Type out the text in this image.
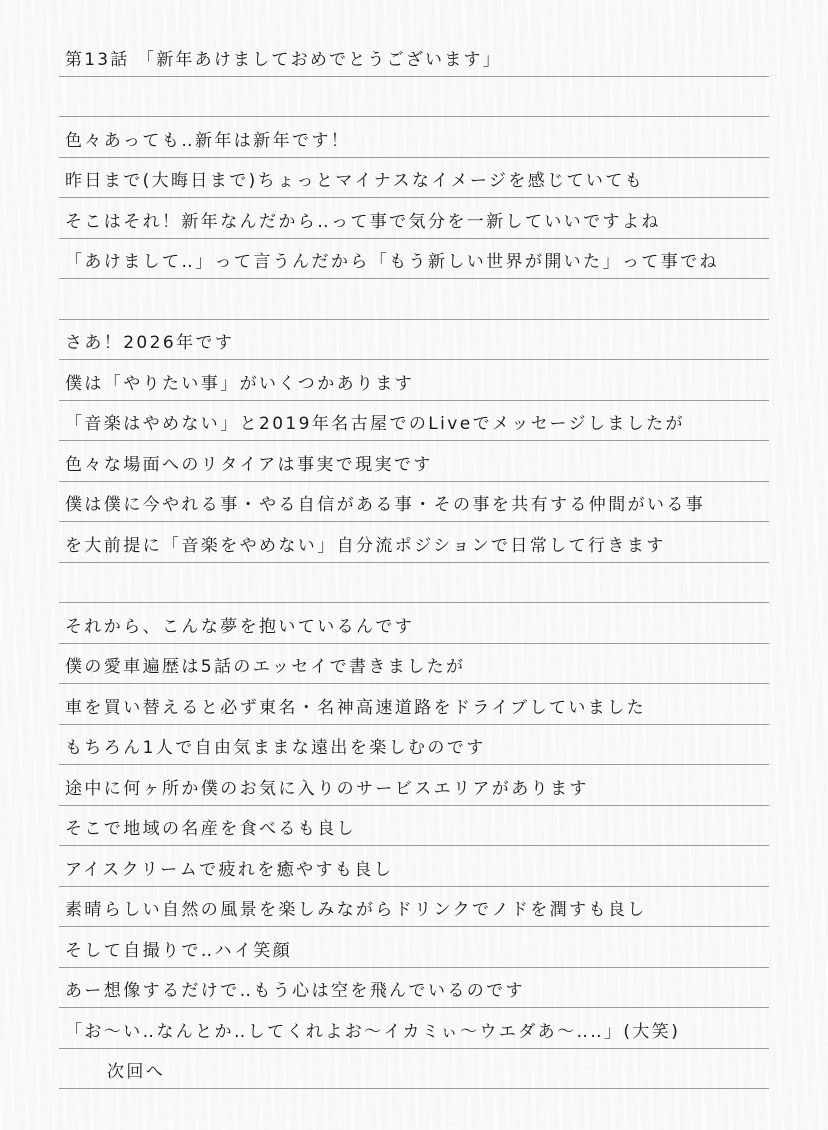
第13話 「新年あけましておめでとうございます」
色々あっても‥新年は新年です！
昨日まで(大晦日まで)ちょっとマイナスなイメージを感じていても
そこはそれ！新年なんだから‥って事で気分を一新していいですよね
「あけまして‥」って言うんだから「もう新しい世界が開いた」って事でね
さあ！2026年です
僕は「やりたい事」がいくつかあります
「音楽はやめない」と2019年名古屋でのLiveでメッセージしましたが
色々な場面へのリタイアは事実で現実です
僕は僕に今やれる事・やる自信がある事・その事を共有する仲間がいる事
を大前提に「音楽をやめない」自分流ポジションで日常して行きます
それから、こんな夢を抱いているんです
僕の愛車遍歴は5話のエッセイで書きましたが
車を買い替えると必ず東名・名神高速道路をドライブしていました
もちろん1人で自由気ままな遠出を楽しむのです
途中に何ヶ所か僕のお気に入りのサービスエリアがあります
そこで地域の名産を食べるも良し
アイスクリームで疲れを癒やすも良し
素晴らしい自然の風景を楽しみながらドリンクでノドを潤すも良し
そして自撮りで‥ハイ笑顔
あー想像するだけで‥もう心は空を飛んでいるのです
「お〜い‥なんとか‥してくれよお〜イカミぃ〜ウエダあ〜‥‥」(大笑)
次回へ
